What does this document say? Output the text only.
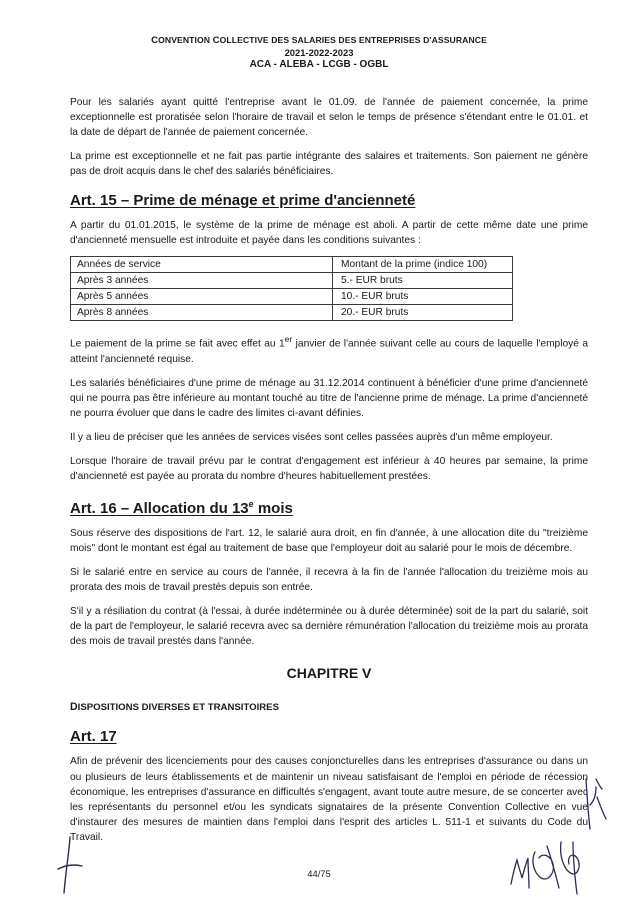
CONVENTION COLLECTIVE DES SALARIES DES ENTREPRISES D'ASSURANCE
2021-2022-2023
ACA - ALEBA - LCGB - OGBL

Pour les salariés ayant quitté l'entreprise avant le 01.09. de l'année de paiement concernée, la prime exceptionnelle est proratisée selon l'horaire de travail et selon le temps de présence s'étendant entre le 01.01. et la date de départ de l'année de paiement concernée.

La prime est exceptionnelle et ne fait pas partie intégrante des salaires et traitements. Son paiement ne génère pas de droit acquis dans le chef des salariés bénéficiaires.

Art. 15 – Prime de ménage et prime d'ancienneté

A partir du 01.01.2015, le système de la prime de ménage est aboli. A partir de cette même date une prime d'ancienneté mensuelle est introduite et payée dans les conditions suivantes :

Années de service	Montant de la prime (indice 100)
Après 3 années	5.- EUR bruts
Après 5 années	10.- EUR bruts
Après 8 années	20.- EUR bruts

Le paiement de la prime se fait avec effet au 1er janvier de l'année suivant celle au cours de laquelle l'employé a atteint l'ancienneté requise.

Les salariés bénéficiaires d'une prime de ménage au 31.12.2014 continuent à bénéficier d'une prime d'ancienneté qui ne pourra pas être inférieure au montant touché au titre de l'ancienne prime de ménage. La prime d'ancienneté ne pourra évoluer que dans le cadre des limites ci-avant définies.

Il y a lieu de préciser que les années de services visées sont celles passées auprès d'un même employeur.

Lorsque l'horaire de travail prévu par le contrat d'engagement est inférieur à 40 heures par semaine, la prime d'ancienneté est payée au prorata du nombre d'heures habituellement prestées.

Art. 16 – Allocation du 13e mois

Sous réserve des dispositions de l'art. 12, le salarié aura droit, en fin d'année, à une allocation dite du "treizième mois" dont le montant est égal au traitement de base que l'employeur doit au salarié pour le mois de décembre.

Si le salarié entre en service au cours de l'année, il recevra à la fin de l'année l'allocation du treizième mois au prorata des mois de travail prestés depuis son entrée.

S'il y a résiliation du contrat (à l'essai, à durée indéterminée ou à durée déterminée) soit de la part du salarié, soit de la part de l'employeur, le salarié recevra avec sa dernière rémunération l'allocation du treizième mois au prorata des mois de travail prestés dans l'année.

CHAPITRE V
DISPOSITIONS DIVERSES ET TRANSITOIRES
Art. 17

Afin de prévenir des licenciements pour des causes conjoncturelles dans les entreprises d'assurance ou dans un ou plusieurs de leurs établissements et de maintenir un niveau satisfaisant de l'emploi en période de récession économique, les entreprises d'assurance en difficultés s'engagent, avant toute autre mesure, de se concerter avec les représentants du personnel et/ou les syndicats signataires de la présente Convention Collective en vue d'instaurer des mesures de maintien dans l'emploi dans l'esprit des articles L. 511-1 et suivants du Code du Travail.

44/75
